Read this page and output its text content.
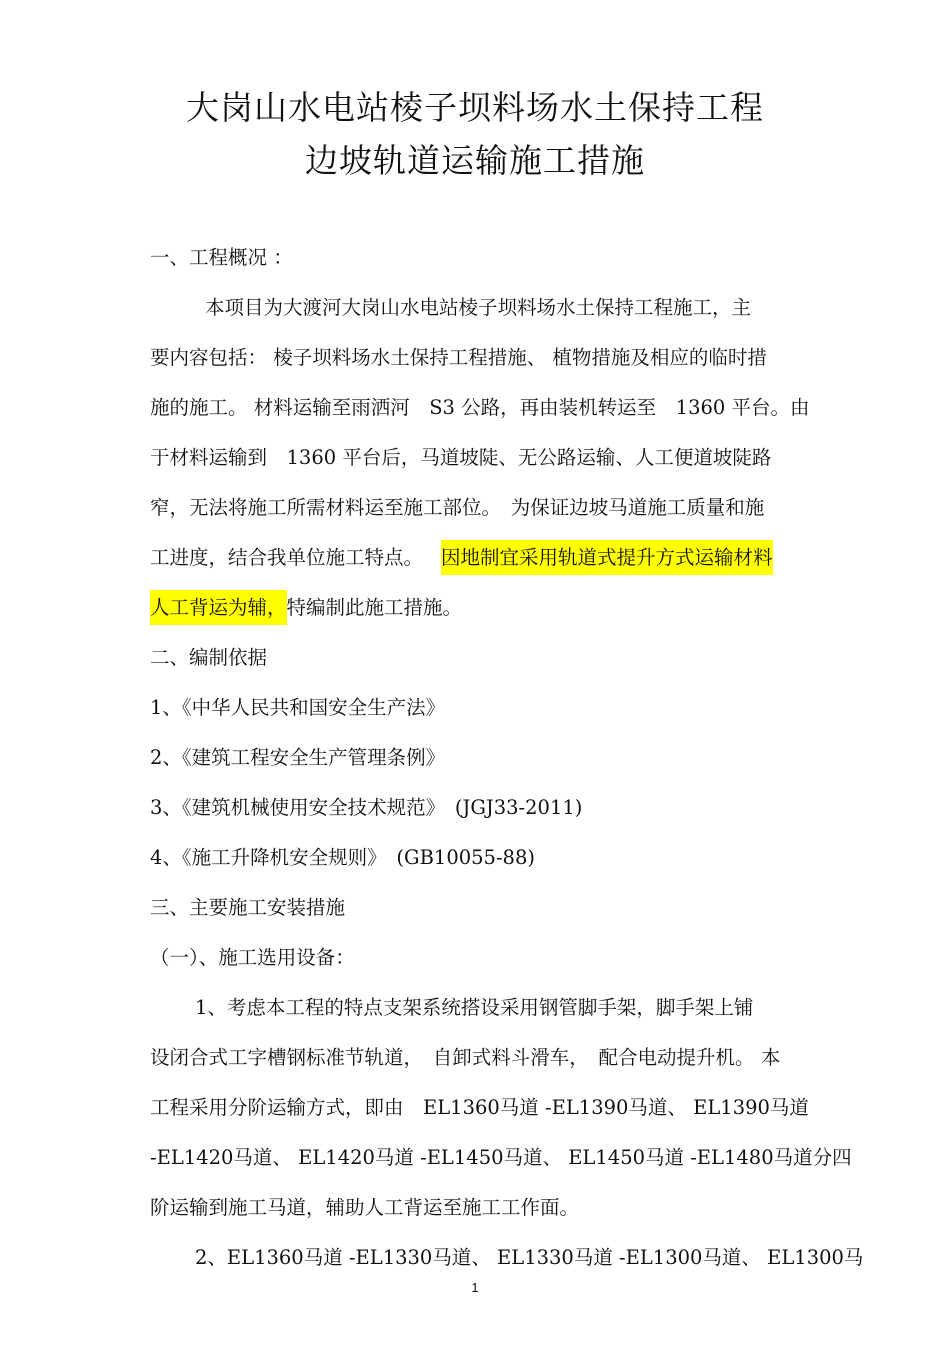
大岗山水电站棱子坝料场水土保持工程
边坡轨道运输施工措施
一、工程概况 ：
本项目为大渡河大岗山水电站棱子坝料场水土保持工程施工，主
要内容包括： 棱子坝料场水土保持工程措施、 植物措施及相应的临时措
施的施工。 材料运输至雨洒河　S3 公路，再由装机转运至　1360 平台。由
于材料运输到　1360 平台后，马道坡陡、无公路运输、人工便道坡陡路
窄，无法将施工所需材料运至施工部位。　为保证边坡马道施工质量和施
工进度，结合我单位施工特点。 因地制宜采用轨道式提升方式运输材料
人工背运为辅，特编制此施工措施。
二、编制依据
1、《中华人民共和国安全生产法》
2、《建筑工程安全生产管理条例》
3、《建筑机械使用安全技术规范》　(JGJ33-2011)
4、《施工升降机安全规则》　(GB10055-88)
三、主要施工安装措施
（一）、施工选用设备：
1、考虑本工程的特点支架系统搭设采用钢管脚手架，脚手架上铺
设闭合式工字槽钢标准节轨道，　自卸式料斗滑车，　配合电动提升机。 本
工程采用分阶运输方式，即由　EL1360马道 -EL1390马道、 EL1390马道
-EL1420马道、 EL1420马道 -EL1450马道、 EL1450马道 -EL1480马道分四
阶运输到施工马道，辅助人工背运至施工工作面。
2、EL1360马道 -EL1330马道、 EL1330马道 -EL1300马道、 EL1300马
1
